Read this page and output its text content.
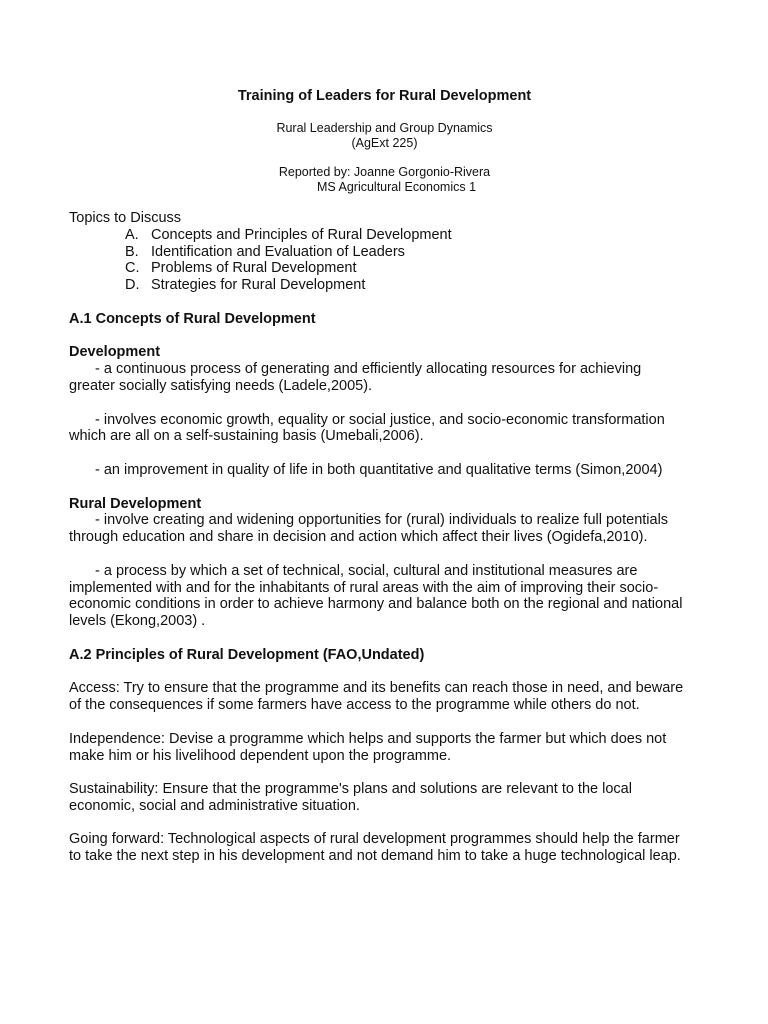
Training of Leaders for Rural Development

Rural Leadership and Group Dynamics

(AgExt 225)

Reported by: Joanne Gorgonio-Rivera

MS Agricultural Economics 1

Topics to Discuss

A. Concepts and Principles of Rural Development
B. Identification and Evaluation of Leaders
C. Problems of Rural Development
D. Strategies for Rural Development
A.1 Concepts of Rural Development
Development

- a continuous process of generating and efficiently allocating resources for achieving greater socially satisfying needs (Ladele,2005).

- involves economic growth, equality or social justice, and socio-economic transformation which are all on a self-sustaining basis (Umebali,2006).

- an improvement in quality of life in both quantitative and qualitative terms (Simon,2004)

Rural Development

- involve creating and widening opportunities for (rural) individuals to realize full potentials through education and share in decision and action which affect their lives (Ogidefa,2010).

- a process by which a set of technical, social, cultural and institutional measures are implemented with and for the inhabitants of rural areas with the aim of improving their socio-economic conditions in order to achieve harmony and balance both on the regional and national levels (Ekong,2003) .

A.2 Principles of Rural Development (FAO,Undated)

Access: Try to ensure that the programme and its benefits can reach those in need, and beware of the consequences if some farmers have access to the programme while others do not.

Independence: Devise a programme which helps and supports the farmer but which does not make him or his livelihood dependent upon the programme.

Sustainability: Ensure that the programme's plans and solutions are relevant to the local economic, social and administrative situation.

Going forward: Technological aspects of rural development programmes should help the farmer to take the next step in his development and not demand him to take a huge technological leap.
